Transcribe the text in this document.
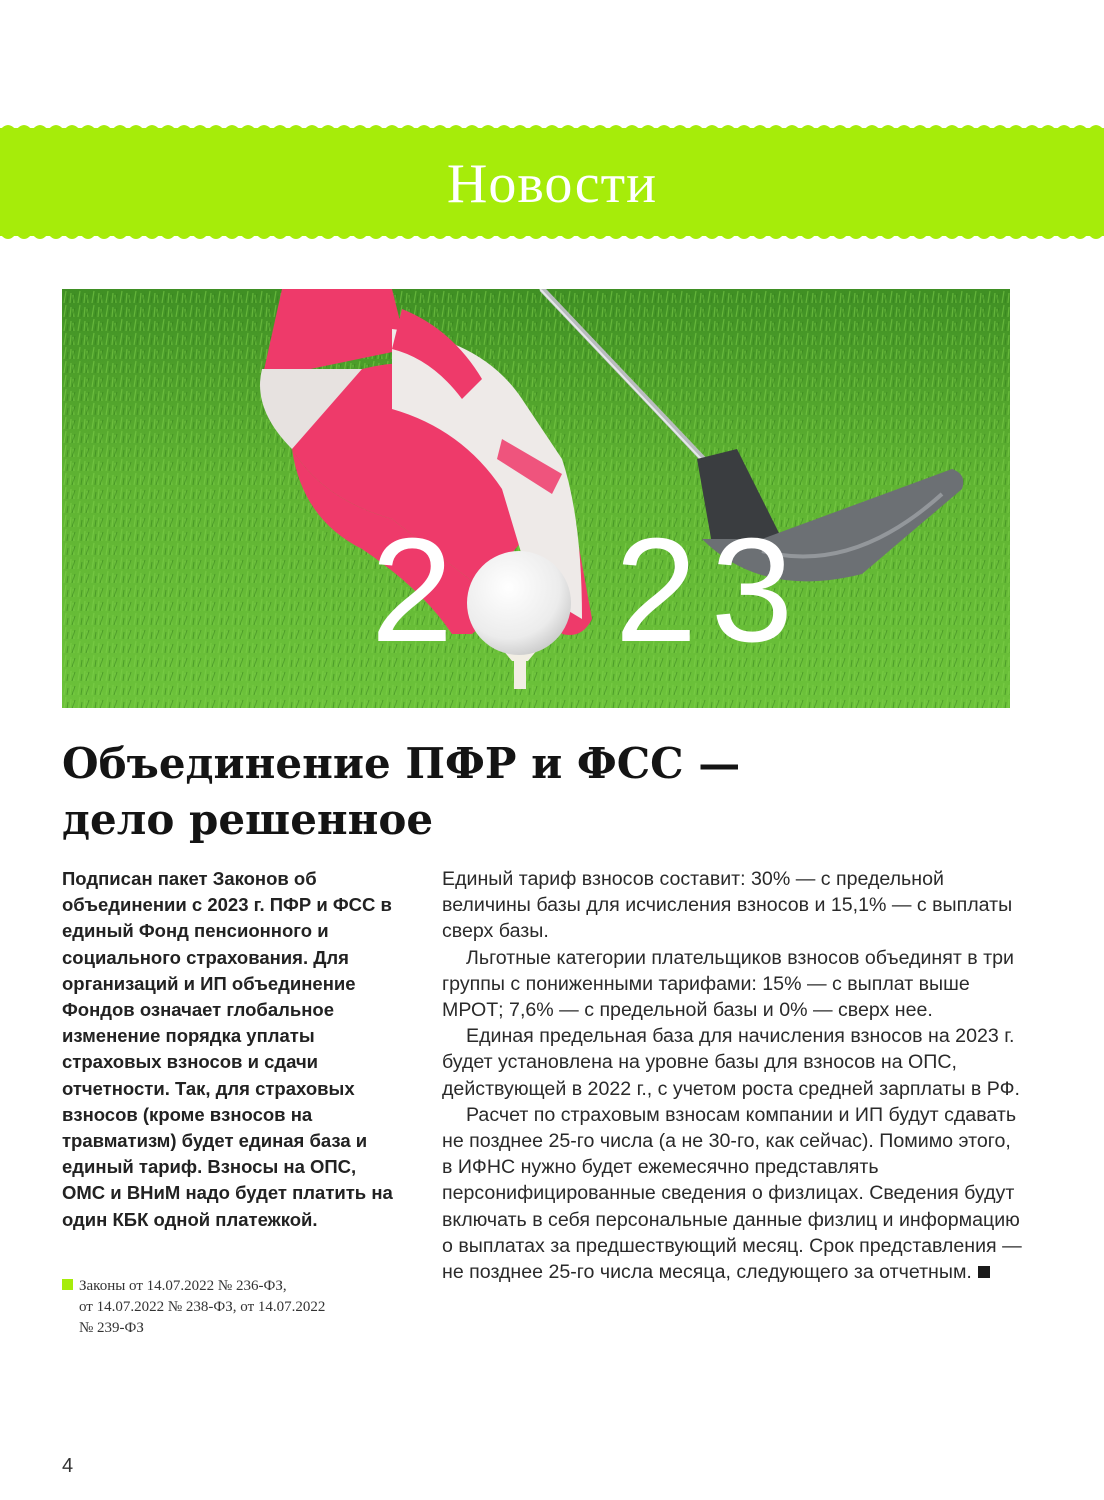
Новости
2 2 3
Объединение ПФР и ФСС —
дело решенное

Подписан пакет Законов об объединении с 2023 г. ПФР и ФСС в единый Фонд пенсионного и социального страхования. Для организаций и ИП объединение Фондов означает глобальное изменение порядка уплаты страховых взносов и сдачи отчетности. Так, для страховых взносов (кроме взносов на травматизм) будет единая база и единый тариф. Взносы на ОПС, ОМС и ВНиМ надо будет платить на один КБК одной платежкой.

Законы от 14.07.2022 № 236-ФЗ,
от 14.07.2022 № 238-ФЗ, от 14.07.2022
№ 239-ФЗ

Единый тариф взносов составит: 30% — с предельной величины базы для исчисления взносов и 15,1% — с выплаты сверх базы.

Льготные категории плательщиков взносов объединят в три группы с пониженными тарифами: 15% — с выплат выше МРОТ; 7,6% — с предельной базы и 0% — сверх нее.

Единая предельная база для начисления взносов на 2023 г. будет установлена на уровне базы для взносов на ОПС, действующей в 2022 г., с учетом роста средней зарплаты в РФ.

Расчет по страховым взносам компании и ИП будут сдавать не позднее 25-го числа (а не 30-го, как сейчас). Помимо этого, в ИФНС нужно будет ежемесячно представлять персонифицированные сведения о физлицах. Сведения будут включать в себя персональные данные физлиц и информацию о выплатах за предшествующий месяц. Срок представления — не позднее 25-го числа месяца, следующего за отчетным.

4
